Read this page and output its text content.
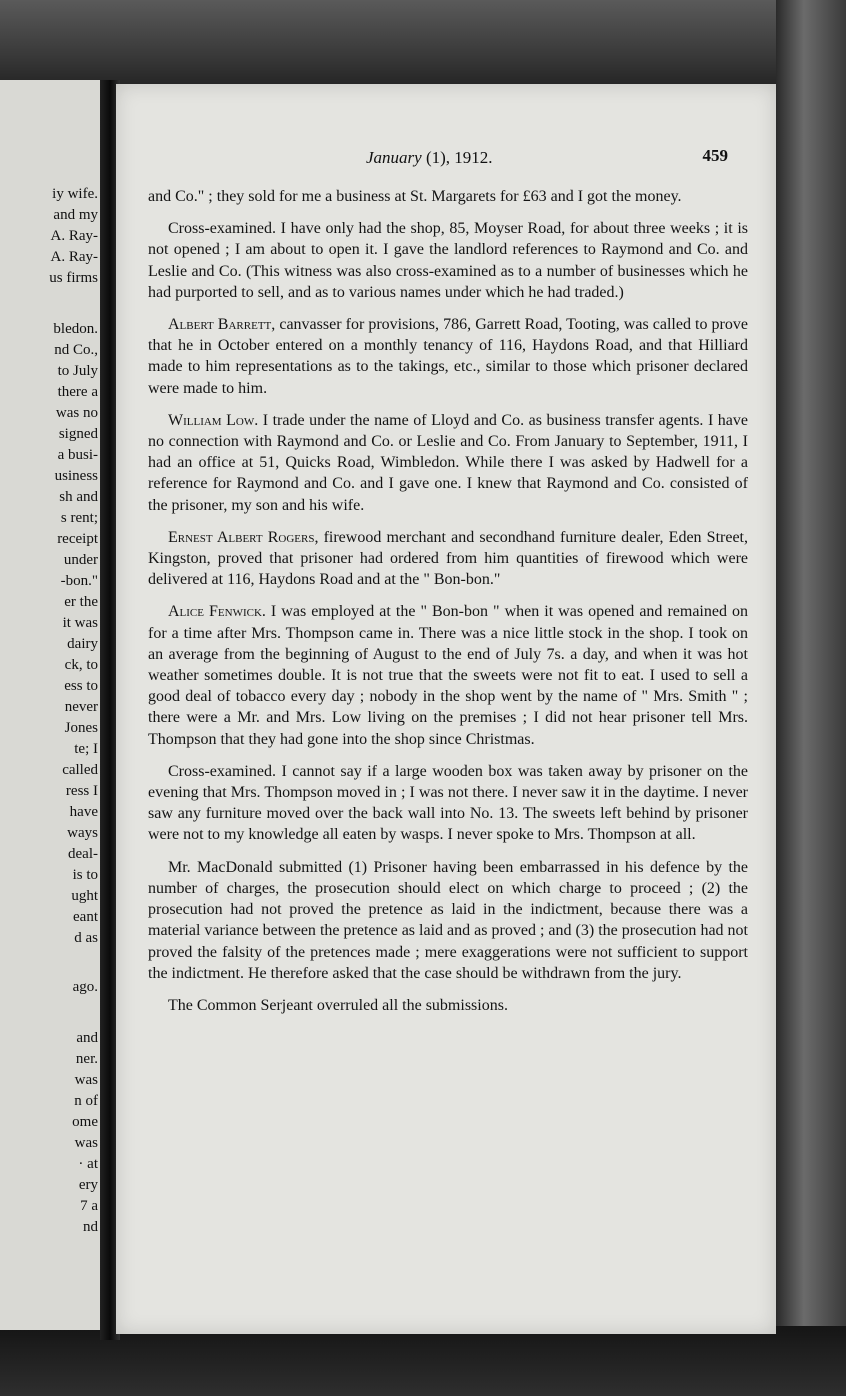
iy wife.
and my
A. Ray-
A. Ray-
us firms
bledon.
nd Co.,
to July
there a
was no
signed
a busi-
usiness
sh and
s rent;
receipt
under
-bon."
er the
it was
dairy
ck, to
ess to
never
Jones
te; I
called
ress I
have
ways
deal-
is to
ught
eant
d as
ago.
and
ner.
was
n of
ome
was
· at
ery
7 a
nd
January (1), 1912.	459

and Co." ; they sold for me a business at St. Margarets for £63 and I got the money.

Cross-examined. I have only had the shop, 85, Moyser Road, for about three weeks ; it is not opened ; I am about to open it. I gave the landlord references to Raymond and Co. and Leslie and Co. (This witness was also cross-examined as to a number of businesses which he had purported to sell, and as to various names under which he had traded.)

Albert Barrett, canvasser for provisions, 786, Garrett Road, Tooting, was called to prove that he in October entered on a monthly tenancy of 116, Haydons Road, and that Hilliard made to him representations as to the takings, etc., similar to those which prisoner declared were made to him.

William Low. I trade under the name of Lloyd and Co. as business transfer agents. I have no connection with Raymond and Co. or Leslie and Co. From January to September, 1911, I had an office at 51, Quicks Road, Wimbledon. While there I was asked by Hadwell for a reference for Raymond and Co. and I gave one. I knew that Raymond and Co. consisted of the prisoner, my son and his wife.

Ernest Albert Rogers, firewood merchant and secondhand furniture dealer, Eden Street, Kingston, proved that prisoner had ordered from him quantities of firewood which were delivered at 116, Haydons Road and at the " Bon-bon."

Alice Fenwick. I was employed at the " Bon-bon " when it was opened and remained on for a time after Mrs. Thompson came in. There was a nice little stock in the shop. I took on an average from the beginning of August to the end of July 7s. a day, and when it was hot weather sometimes double. It is not true that the sweets were not fit to eat. I used to sell a good deal of tobacco every day ; nobody in the shop went by the name of " Mrs. Smith " ; there were a Mr. and Mrs. Low living on the premises ; I did not hear prisoner tell Mrs. Thompson that they had gone into the shop since Christmas.

Cross-examined. I cannot say if a large wooden box was taken away by prisoner on the evening that Mrs. Thompson moved in ; I was not there. I never saw it in the daytime. I never saw any furniture moved over the back wall into No. 13. The sweets left behind by prisoner were not to my knowledge all eaten by wasps. I never spoke to Mrs. Thompson at all.

Mr. MacDonald submitted (1) Prisoner having been embarrassed in his defence by the number of charges, the prosecution should elect on which charge to proceed ; (2) the prosecution had not proved the pretence as laid in the indictment, because there was a material variance between the pretence as laid and as proved ; and (3) the prosecution had not proved the falsity of the pretences made ; mere exaggerations were not sufficient to support the indictment. He therefore asked that the case should be withdrawn from the jury.

The Common Serjeant overruled all the submissions.
